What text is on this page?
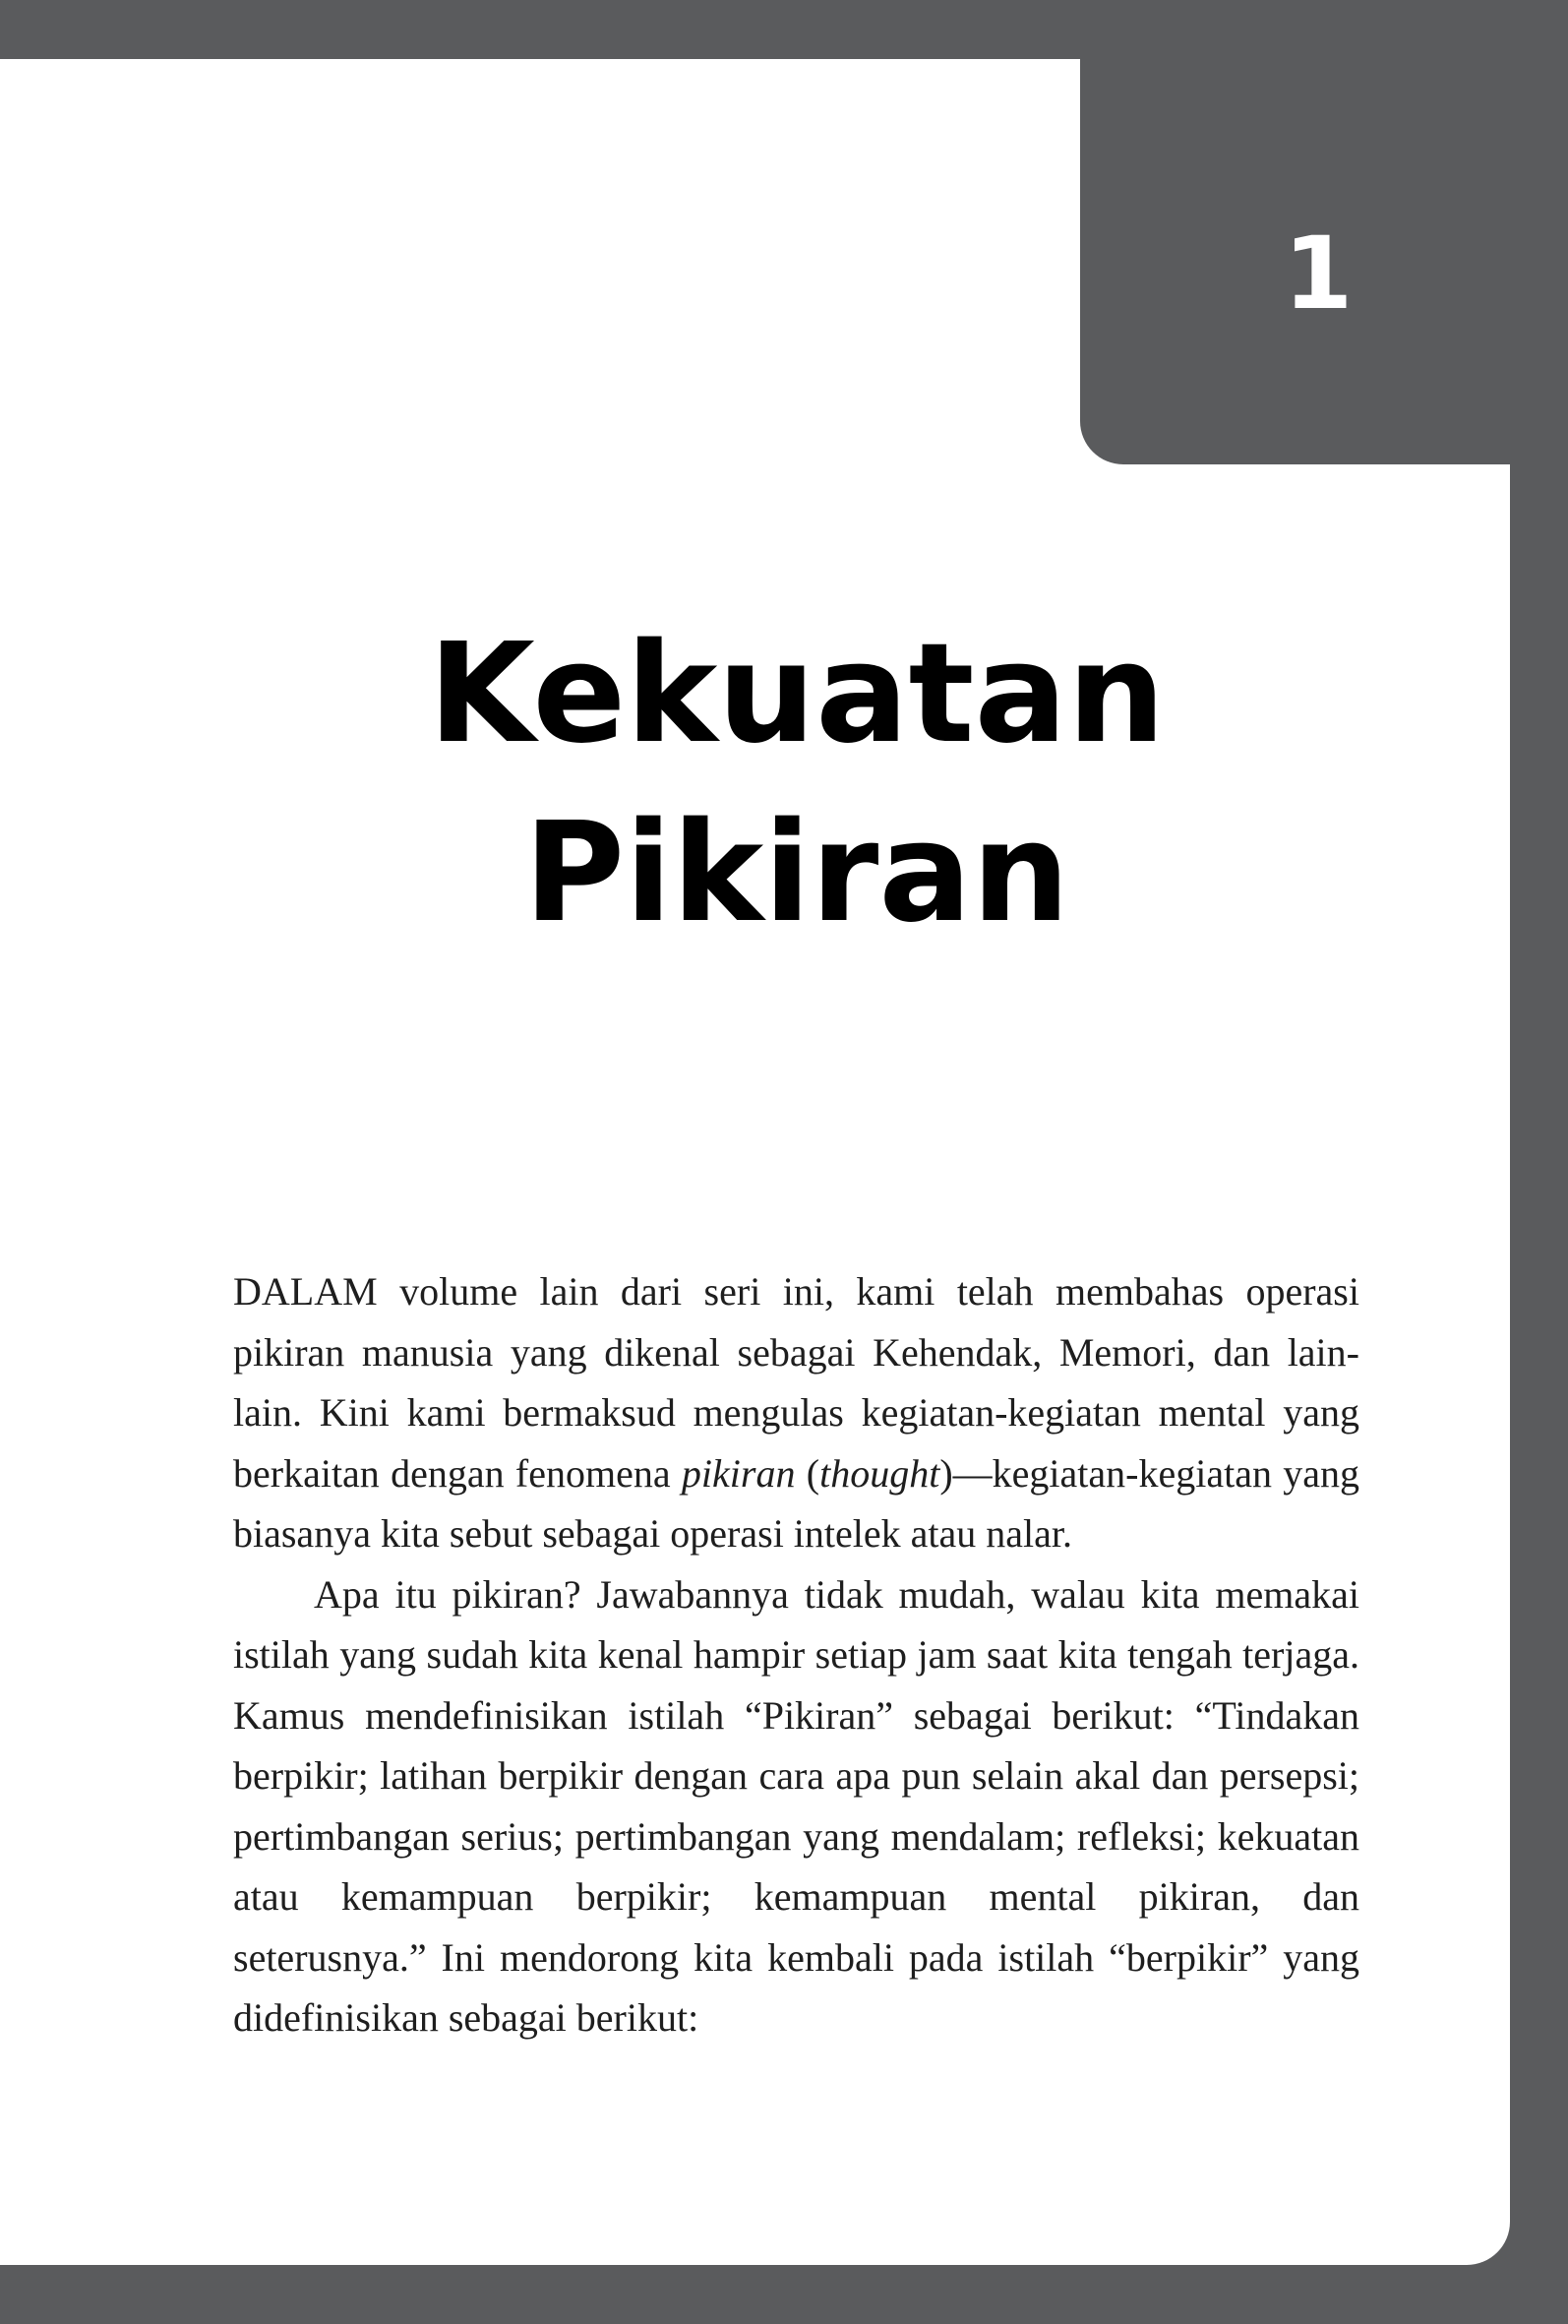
1
Kekuatan
Pikiran

DALAM volume lain dari seri ini, kami telah membahas operasi pikiran manusia yang dikenal sebagai Kehendak, Memori, dan lain-lain. Kini kami bermaksud mengulas kegiatan-kegiatan mental yang berkaitan dengan fenomena pikiran (thought)—kegiatan-kegiatan yang biasanya kita sebut sebagai operasi intelek atau nalar.

Apa itu pikiran? Jawabannya tidak mudah, walau kita memakai istilah yang sudah kita kenal hampir setiap jam saat kita tengah terjaga. Kamus mendefinisikan istilah “Pikiran” sebagai berikut: “Tindakan berpikir; latihan berpikir dengan cara apa pun selain akal dan persepsi; pertimbangan serius; pertimbangan yang mendalam; refleksi; kekuatan atau kemampuan berpikir; kemampuan mental pikiran, dan seterusnya.” Ini mendorong kita kembali pada istilah “berpikir” yang didefinisikan sebagai berikut:
